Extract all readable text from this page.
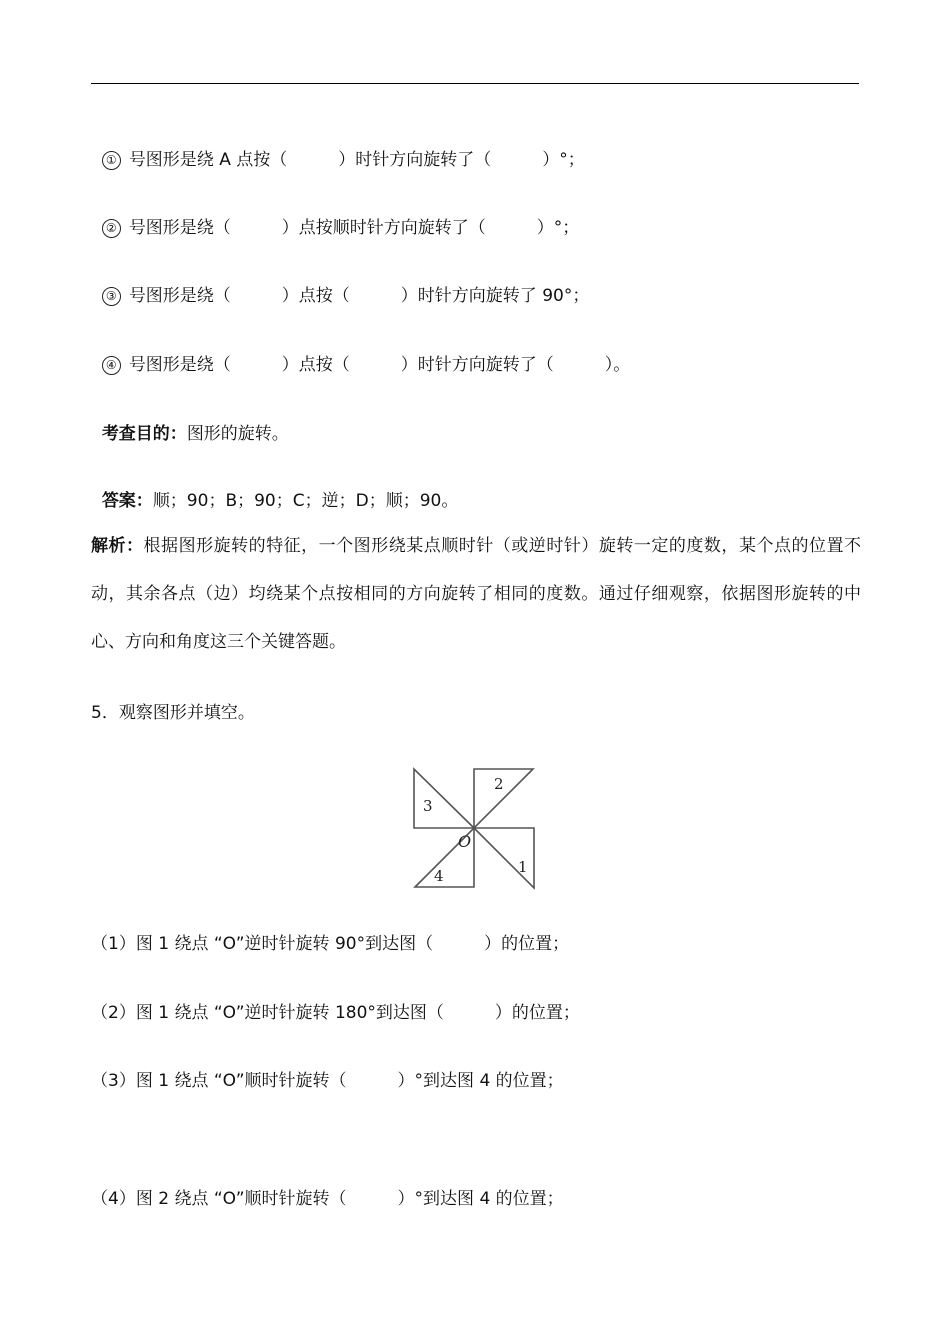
① 号图形是绕 A 点按（　　　）时针方向旋转了（　　　）°；

② 号图形是绕（　　　）点按顺时针方向旋转了（　　　）°；

③ 号图形是绕（　　　）点按（　　　）时针方向旋转了 90°；

④ 号图形是绕（　　　）点按（　　　）时针方向旋转了（　　　）。

考查目的：图形的旋转。

答案：顺；90；B；90；C；逆；D；顺；90。

解析：根据图形旋转的特征，一个图形绕某点顺时针（或逆时针）旋转一定的度数，某个点的位置不动，其余各点（边）均绕某个点按相同的方向旋转了相同的度数。通过仔细观察，依据图形旋转的中心、方向和角度这三个关键答题。
5．观察图形并填空。
2
3
1
4
O
（1）图 1 绕点 “O”逆时针旋转 90°到达图（　　　）的位置；
（2）图 1 绕点 “O”逆时针旋转 180°到达图（　　　）的位置；
（3）图 1 绕点 “O”顺时针旋转（　　　）°到达图 4 的位置；
（4）图 2 绕点 “O”顺时针旋转（　　　）°到达图 4 的位置；
